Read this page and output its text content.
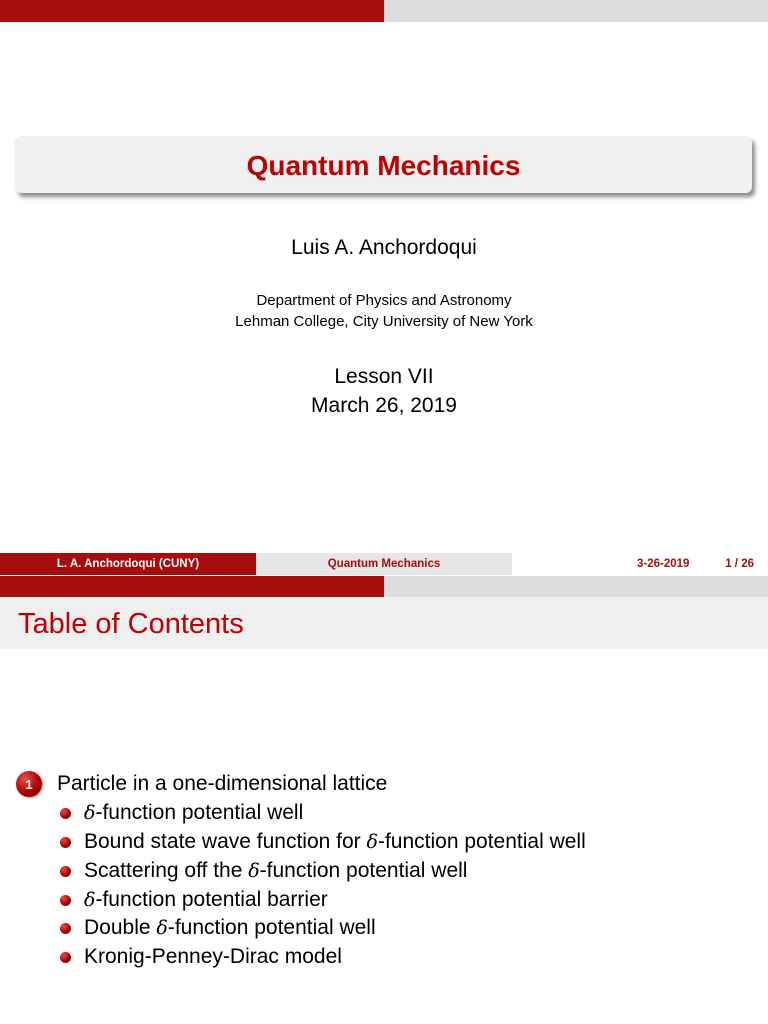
Quantum Mechanics
Luis A. Anchordoqui
Department of Physics and Astronomy
Lehman College, City University of New York
Lesson VII
March 26, 2019
L. A. Anchordoqui (CUNY)	Quantum Mechanics	3-26-2019	1 / 26
Table of Contents
1	Particle in a one-dimensional lattice
δ -function potential well
Bound state wave function for δ -function potential well
Scattering off the δ -function potential well
δ -function potential barrier
Double δ -function potential well
Kronig-Penney-Dirac model
